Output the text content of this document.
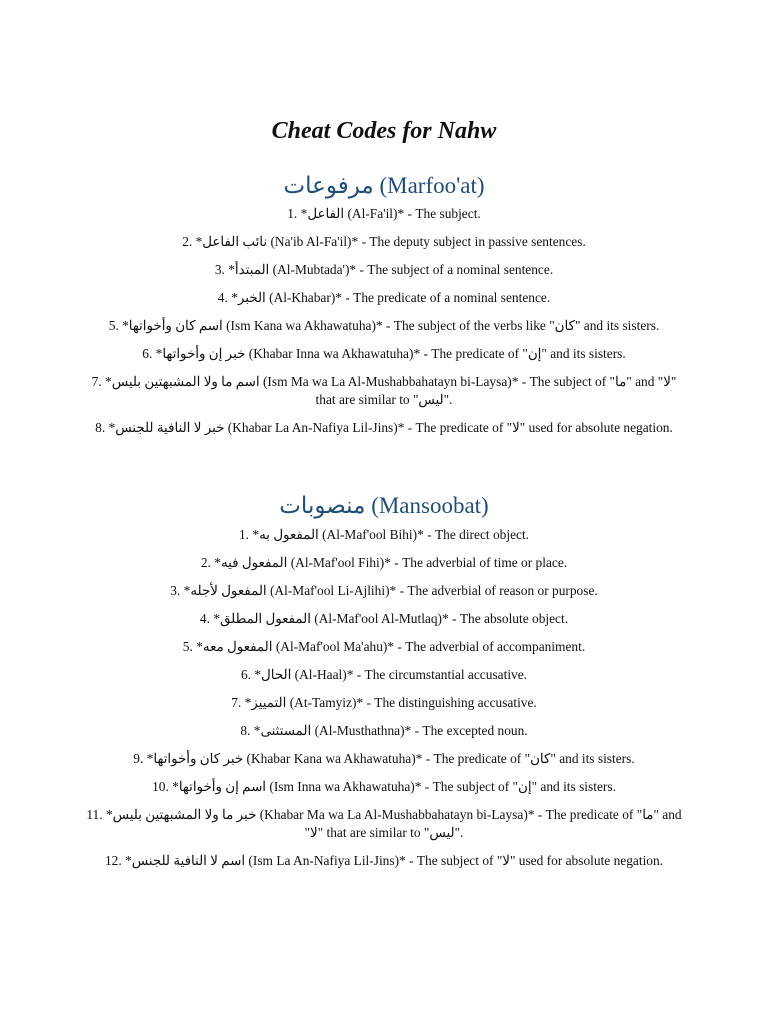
Cheat Codes for Nahw
مرفوعات (Marfoo'at)
1. *الفاعل (Al-Fa'il)* - The subject.
2. *نائب الفاعل (Na'ib Al-Fa'il)* - The deputy subject in passive sentences.
3. *المبتدأ (Al-Mubtada')* - The subject of a nominal sentence.
4. *الخبر (Al-Khabar)* - The predicate of a nominal sentence.
5. *اسم كان وأخواتها (Ism Kana wa Akhawatuha)* - The subject of the verbs like "كان" and its sisters.
6. *خبر إن وأخواتها (Khabar Inna wa Akhawatuha)* - The predicate of "إن" and its sisters.
7. *اسم ما ولا المشبهتين بليس (Ism Ma wa La Al-Mushabbahatayn bi-Laysa)* - The subject of "ما" and "لا" that are similar to "ليس".
8. *خبر لا النافية للجنس (Khabar La An-Nafiya Lil-Jins)* - The predicate of "لا" used for absolute negation.
منصوبات (Mansoobat)
1. *المفعول به (Al-Maf'ool Bihi)* - The direct object.
2. *المفعول فيه (Al-Maf'ool Fihi)* - The adverbial of time or place.
3. *المفعول لأجله (Al-Maf'ool Li-Ajlihi)* - The adverbial of reason or purpose.
4. *المفعول المطلق (Al-Maf'ool Al-Mutlaq)* - The absolute object.
5. *المفعول معه (Al-Maf'ool Ma'ahu)* - The adverbial of accompaniment.
6. *الحال (Al-Haal)* - The circumstantial accusative.
7. *التمييز (At-Tamyiz)* - The distinguishing accusative.
8. *المستثنى (Al-Musthathna)* - The excepted noun.
9. *خبر كان وأخواتها (Khabar Kana wa Akhawatuha)* - The predicate of "كان" and its sisters.
10. *اسم إن وأخواتها (Ism Inna wa Akhawatuha)* - The subject of "إن" and its sisters.
11. *خبر ما ولا المشبهتين بليس (Khabar Ma wa La Al-Mushabbahatayn bi-Laysa)* - The predicate of "ما" and "لا" that are similar to "ليس".
12. *اسم لا النافية للجنس (Ism La An-Nafiya Lil-Jins)* - The subject of "لا" used for absolute negation.
